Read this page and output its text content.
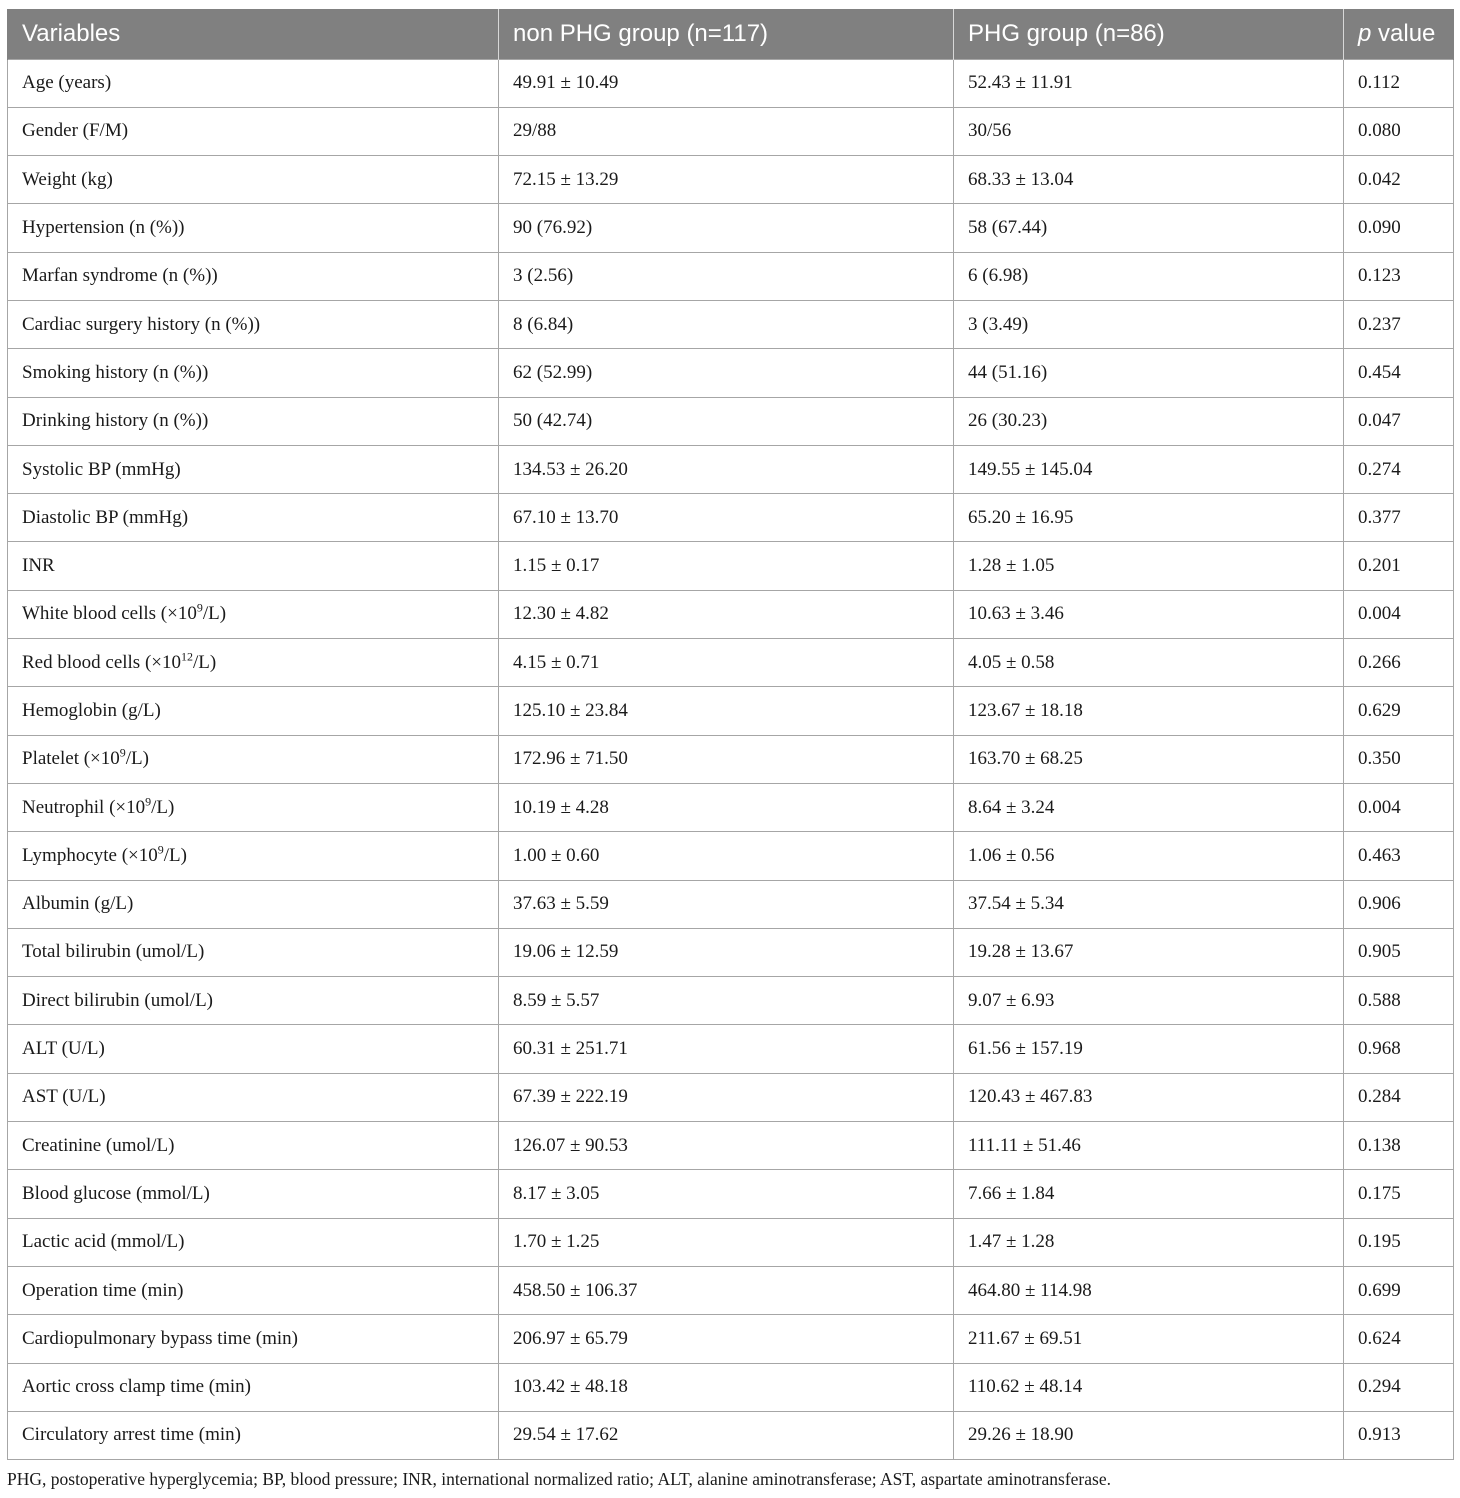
Variables	non PHG group (n=117)	PHG group (n=86)	p value
Age (years)	49.91 ± 10.49	52.43 ± 11.91	0.112
Gender (F/M)	29/88	30/56	0.080
Weight (kg)	72.15 ± 13.29	68.33 ± 13.04	0.042
Hypertension (n (%))	90 (76.92)	58 (67.44)	0.090
Marfan syndrome (n (%))	3 (2.56)	6 (6.98)	0.123
Cardiac surgery history (n (%))	8 (6.84)	3 (3.49)	0.237
Smoking history (n (%))	62 (52.99)	44 (51.16)	0.454
Drinking history (n (%))	50 (42.74)	26 (30.23)	0.047
Systolic BP (mmHg)	134.53 ± 26.20	149.55 ± 145.04	0.274
Diastolic BP (mmHg)	67.10 ± 13.70	65.20 ± 16.95	0.377
INR	1.15 ± 0.17	1.28 ± 1.05	0.201
White blood cells $(\times 10^9/L)$	12.30 ± 4.82	10.63 ± 3.46	0.004
Red blood cells $(\times 10^{12}/L)$	4.15 ± 0.71	4.05 ± 0.58	0.266
Hemoglobin (g/L)	125.10 ± 23.84	123.67 ± 18.18	0.629
Platelet $(\times 10^9/L)$	172.96 ± 71.50	163.70 ± 68.25	0.350
Neutrophil $(\times 10^9/L)$	10.19 ± 4.28	8.64 ± 3.24	0.004
Lymphocyte $(\times 10^9/L)$	1.00 ± 0.60	1.06 ± 0.56	0.463
Albumin (g/L)	37.63 ± 5.59	37.54 ± 5.34	0.906
Total bilirubin (umol/L)	19.06 ± 12.59	19.28 ± 13.67	0.905
Direct bilirubin (umol/L)	8.59 ± 5.57	9.07 ± 6.93	0.588
ALT (U/L)	60.31 ± 251.71	61.56 ± 157.19	0.968
AST (U/L)	67.39 ± 222.19	120.43 ± 467.83	0.284
Creatinine (umol/L)	126.07 ± 90.53	111.11 ± 51.46	0.138
Blood glucose (mmol/L)	8.17 ± 3.05	7.66 ± 1.84	0.175
Lactic acid (mmol/L)	1.70 ± 1.25	1.47 ± 1.28	0.195
Operation time (min)	458.50 ± 106.37	464.80 ± 114.98	0.699
Cardiopulmonary bypass time (min)	206.97 ± 65.79	211.67 ± 69.51	0.624
Aortic cross clamp time (min)	103.42 ± 48.18	110.62 ± 48.14	0.294
Circulatory arrest time (min)	29.54 ± 17.62	29.26 ± 18.90	0.913
PHG, postoperative hyperglycemia; BP, blood pressure; INR, international normalized ratio; ALT, alanine aminotransferase; AST, aspartate aminotransferase.
